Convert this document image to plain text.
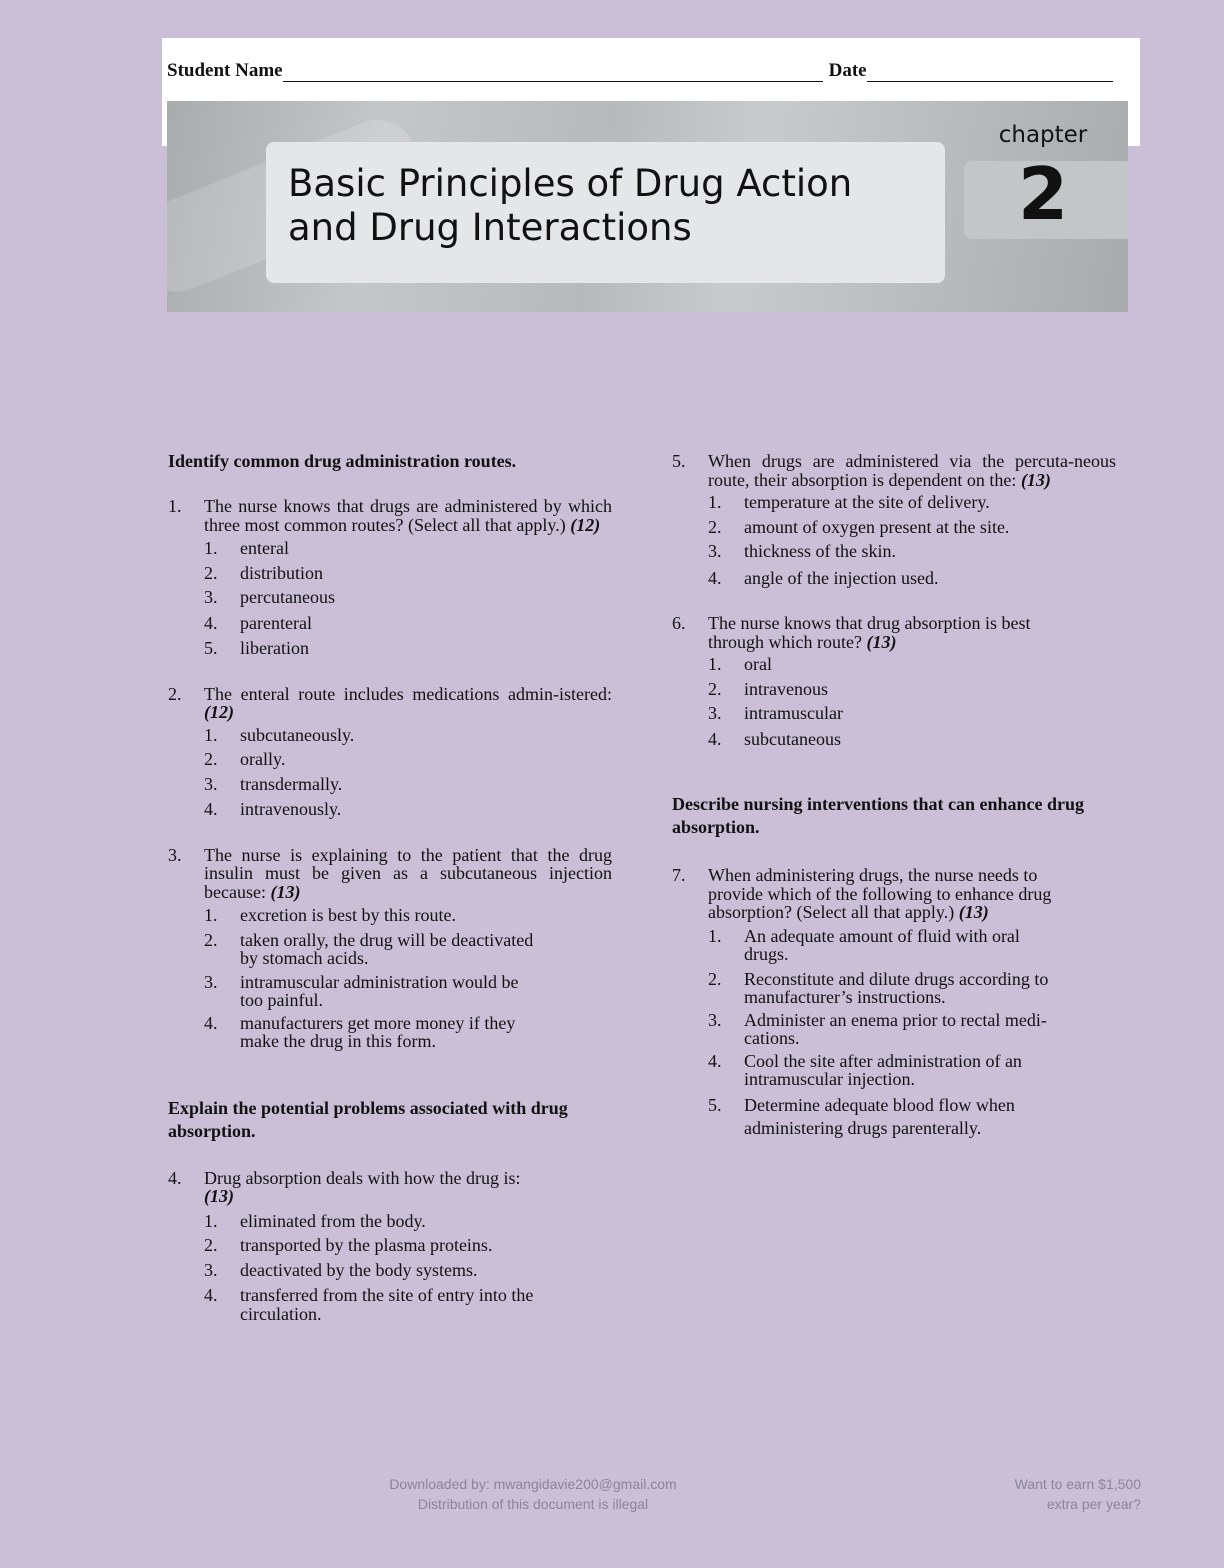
Student Name	Date
Basic Principles of Drug Action
and Drug Interactions
chapter
2
Identify common drug administration routes.
1. The nurse knows that drugs are administered by which three most common routes? (Select all that apply.) (12)
1. enteral
2. distribution
3. percutaneous
4. parenteral
5. liberation
2. The enteral route includes medications admin-istered: (12)
1. subcutaneously.
2. orally.
3. transdermally.
4. intravenously.
3. The nurse is explaining to the patient that the drug insulin must be given as a subcutaneous injection because: (13)
1. excretion is best by this route.
2. taken orally, the drug will be deactivated by stomach acids.
3. intramuscular administration would be too painful.
4. manufacturers get more money if they make the drug in this form.
Explain the potential problems associated with drug absorption.
4. Drug absorption deals with how the drug is: (13)
1. eliminated from the body.
2. transported by the plasma proteins.
3. deactivated by the body systems.
4. transferred from the site of entry into the circulation.
5. When drugs are administered via the percuta-neous route, their absorption is dependent on the: (13)
1. temperature at the site of delivery.
2. amount of oxygen present at the site.
3. thickness of the skin.
4. angle of the injection used.
6. The nurse knows that drug absorption is best through which route? (13)
1. oral
2. intravenous
3. intramuscular
4. subcutaneous
Describe nursing interventions that can enhance drug absorption.
7. When administering drugs, the nurse needs to provide which of the following to enhance drug absorption? (Select all that apply.) (13)
1. An adequate amount of fluid with oral drugs.
2. Reconstitute and dilute drugs according to manufacturer’s instructions.
3. Administer an enema prior to rectal medi-cations.
4. Cool the site after administration of an intramuscular injection.
5. Determine adequate blood flow when administering drugs parenterally.
Downloaded by: mwangidavie200@gmail.com
Distribution of this document is illegal
Want to earn $1,500
extra per year?
